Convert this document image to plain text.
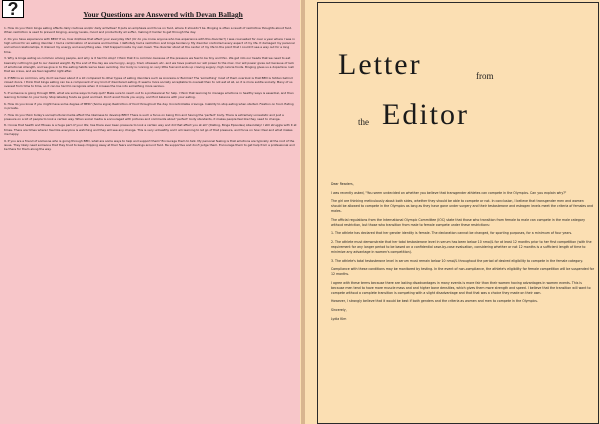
?	Your Questions are Answered with Devan Ballagh

1. How do you think binge eating affects daily routines and/or daily activities? It puts an emphasis and focus on food, where it shouldn't be. Binging is often a result of restrictive thoughts about food. When restriction is used to prevent binging, energy levels, mood and productivity all suffer, making it harder to get through the day.

2. Do you have experience with BED? If so, how did/does that affect your everyday life? (Or do you know anyone who has experience with this disorder?) I was counselled for over a year where I was in high school for an eating disorder. I had a combination of anorexia and bulimia. I definitely had a restriction and binge tendency. My disorder controlled every aspect of my life. It damaged my personal and school relationships, it drained my energy and everything else. I felt trapped inside my own head. The disorder stood at the center of my life to the point that I couldn't see a way out for a long time.

3. Why is binge eating so common among people, and why is it hard to stop? I think that it is common because of the pressure we feel to be tiny and thin. We get into our heads that we need to eat basically nothing to get to our desired weight. By the end of the day we are hungry, angry, tired, stressed, etc. and we have pushed our will power to the max. Our will power gives out because of lack of emotional strength, and we give in to the eating habits we've been avoiding. Our body is running on very little fuel and ends up craving sugary, high calorie foods. Binging gives us a dopamine rush that we crave, and we feel regretful right after.

4. If BED is so common, why don't we hear about it a lot compared to other types of eating disorders such as Anorexia or Bulimia? The 'something' most of them overlook is that BED is hidden behind closed doors. I think that binge eating can be a component of any kind of disordered eating. It seems more socially acceptable to overeat than to not eat at all, so it is more subtle socially. Many of us overeat from time to time, so it can be hard to recognize when it crosses the line into something more serious.

5. If someone is going through BED, what are some ways to help quit? Make sure to reach out to a professional for help. I think that learning to manage emotions in healthy ways is essential, and then learning to listen to your body. Stop labeling foods as good and bad. Don't avoid foods you enjoy, and find balance with your eating.

6. How do you know if you might have some degree of BED? (Some signs) Restriction of food throughout the day. Uncontrollable cravings. Inability to stop eating when started. Fixation on food. Eating in private.

7. How do you think today's social/cultural media affect the likeliness to develop BED? There is such a focus on being thin and having the 'perfect' body. There is extremely unrealistic and just a pressure on a lot of people to look a certain way. When social media is encouraged with pictures and comments about 'perfect' body standards, it makes people feel like they need to change.

8. I know that health and fitness is a huge part of your life; has there ever been pressure to look a certain way and did that affect you at all? (Dieting, Binge Episodes) Absolutely! I still struggle with it at times. There are times where I feel like everyone is watching and they will see any change. This is very unhealthy and I am learning to let go of that pressure, and focus on how I feel and what makes me happy.

9. If you are a friend of someone who is going through BED, what are some ways to help and support them? Encourage them to talk. My personal feeling is that emotions are typically at the root of the issue. They likely need someone that they trust to keep chipping away at their fears and feelings around food. Be supportive and don't judge them. Encourage them to get help from a professional and be there for them along the way.

Letter	from
the Editor

Dear Readers,

I was recently asked, "You seem undecided on whether you believe that transgender athletes can compete in the Olympics. Can you explain why?"

The girl are thinking meticulously about both sides, whether they should be able to compete or not. In conclusion, I believe that transgender men and women should be allowed to compete in the Olympics as long as they have gone under surgery and their testosterone and estrogen levels meet the criteria of females and males.

The official regulations from the International Olympic Committee (IOC) state that those who transition from female to male can compete in the male category without restriction, but those who transition from male to female compete under these restrictions:

1. The athlete has declared that her gender identity is female. The declaration cannot be changed, for sporting purposes, for a minimum of four years.

2. The athlete must demonstrate that her total testosterone level in serum has been below 10 nmol/L for at least 12 months prior to her first competition (with the requirement for any longer period to be based on a confidential case-by-case evaluation, considering whether or not 12 months is a sufficient length of time to minimize any advantage in women's competition).

3. The athlete's total testosterone level in serum must remain below 10 nmol/L throughout the period of desired eligibility to compete in the female category.

Compliance with these conditions may be monitored by testing. In the event of non-compliance, the athlete's eligibility for female competition will be suspended for 12 months.

I agree with these terms because there are lasting disadvantages in many events is more fair than their women having advantages in women events. This is because men tend to have more muscle mass and and higher bone densities, which gives them more strength and speed. I believe that the transition will want to compete without a complete transition is competing with a slight disadvantage and that that was a choice they made on their own.

However, I strongly believe that it would be best if both genders and the criteria as women and men to compete in the Olympics.

Sincerely,

Lydia Kim
